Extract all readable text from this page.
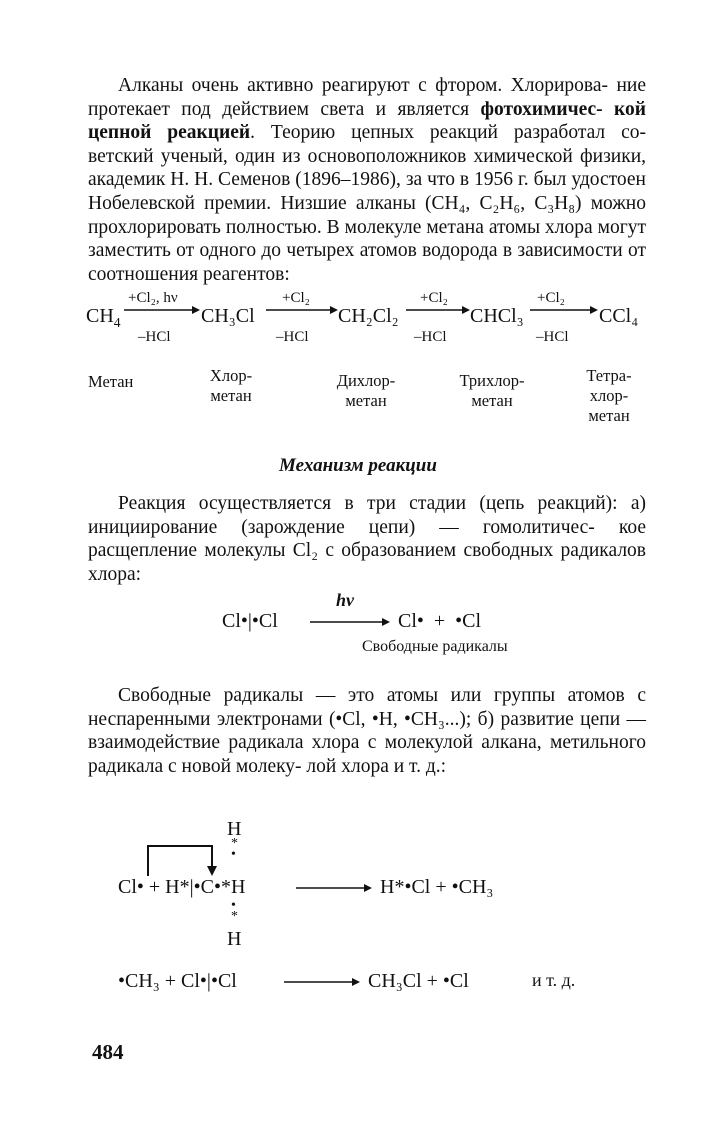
Алканы очень активно реагируют с фтором. Хлорирова- ние протекает под действием света и является фотохимичес- кой цепной реакцией. Теорию цепных реакций разработал со- ветский ученый, один из основоположников химической физики, академик Н. Н. Семенов (1896–1986), за что в 1956 г. был удостоен Нобелевской премии. Низшие алканы (CH₄, C₂H₆, C₃H₈) можно прохлорировать полностью. В молекуле метана атомы хлора могут заместить от одного до четырех атомов водорода в зависимости от соотношения реагентов:
$CH_4$
+Cl₂, hν
–HCl
CH₃Cl
+Cl₂
–HCl
CH₂Cl₂
+Cl₂
–HCl
CHCl₃
+Cl₂
–HCl
CCl₄
Метан	Хлор-
метан
Дихлор-
метан
Трихлор-
метан
Тетра-
хлор-
метан
Механизм реакции
Реакция осуществляется в три стадии (цепь реакций): а) инициирование (зарождение цепи) — гомолитичес- кое расщепление молекулы Cl₂ с образованием свободных радикалов хлора:
Cl•|•Cl
hν
Cl•  +  •Cl
Свободные радикалы
Свободные радикалы — это атомы или группы атомов с неспаренными электронами (•Cl, •H, •CH₃...); б) развитие цепи — взаимодействие радикала хлора с молекулой алкана, метильного радикала с новой молеку- лой хлора и т. д.:
H
*
•
Cl• + H*|•C•*H	H*•Cl + •CH₃
•
*
H
•CH₃ + Cl•|•Cl	CH₃Cl + •Cl	и т. д.
484
